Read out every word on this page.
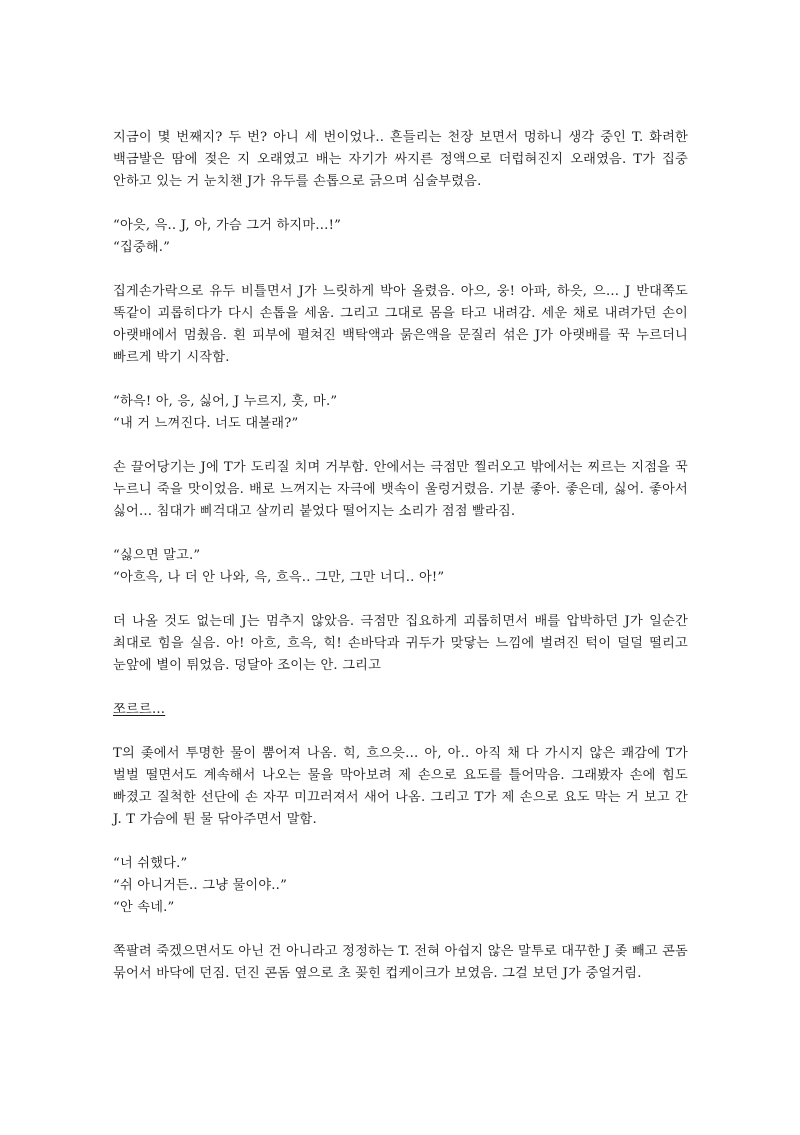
지금이 몇 번째지? 두 번? 아니 세 번이었나.. 흔들리는 천장 보면서 멍하니 생각 중인 T. 화려한 백금발은 땀에 젖은 지 오래였고 배는 자기가 싸지른 정액으로 더럽혀진지 오래였음. T가 집중 안하고 있는 거 눈치챈 J가 유두를 손톱으로 긁으며 심술부렸음.

“아읏, 윽.. J, 아, 가슴 그거 하지마…!”
“집중해.”

집게손가락으로 유두 비틀면서 J가 느릿하게 박아 올렸음. 아으, 웅! 아파, 하읏, 으… J 반대쪽도 똑같이 괴롭히다가 다시 손톱을 세움. 그리고 그대로 몸을 타고 내려감. 세운 채로 내려가던 손이 아랫배에서 멈췄음. 흰 피부에 펼쳐진 백탁액과 묽은액을 문질러 섞은 J가 아랫배를 꾹 누르더니 빠르게 박기 시작함.

“하윽! 아, 응, 싫어, J 누르지, 흣, 마.”
“내 거 느껴진다. 너도 대볼래?”

손 끌어당기는 J에 T가 도리질 치며 거부함. 안에서는 극점만 찔러오고 밖에서는 찌르는 지점을 꾹 누르니 죽을 맛이었음. 배로 느껴지는 자극에 뱃속이 울렁거렸음. 기분 좋아. 좋은데, 싫어. 좋아서 싫어… 침대가 삐걱대고 살끼리 붙었다 떨어지는 소리가 점점 빨라짐.

“싫으면 말고.”
“아흐윽, 나 더 안 나와, 윽, 흐윽.. 그만, 그만 너디.. 아!”

더 나올 것도 없는데 J는 멈추지 않았음. 극점만 집요하게 괴롭히면서 배를 압박하던 J가 일순간 최대로 힘을 실음. 아! 아흐, 흐윽, 힉! 손바닥과 귀두가 맞닿는 느낌에 벌려진 턱이 덜덜 떨리고 눈앞에 별이 튀었음. 덩달아 조이는 안. 그리고

쪼르르…

T의 좆에서 투명한 물이 뿜어져 나옴. 힉, 흐으읏… 아, 아.. 아직 채 다 가시지 않은 쾌감에 T가 벌벌 떨면서도 계속해서 나오는 물을 막아보려 제 손으로 요도를 틀어막음. 그래봤자 손에 힘도 빠졌고 질척한 선단에 손 자꾸 미끄러져서 새어 나옴. 그리고 T가 제 손으로 요도 막는 거 보고 간 J. T 가슴에 튄 물 닦아주면서 말함.

“너 쉬했다.”
“쉬 아니거든.. 그냥 물이야..”
“안 속네.”

쪽팔려 죽겠으면서도 아닌 건 아니라고 정정하는 T. 전혀 아쉽지 않은 말투로 대꾸한 J 좆 빼고 콘돔 묶어서 바닥에 던짐. 던진 콘돔 옆으로 초 꽂힌 컵케이크가 보였음. 그걸 보던 J가 중얼거림.
